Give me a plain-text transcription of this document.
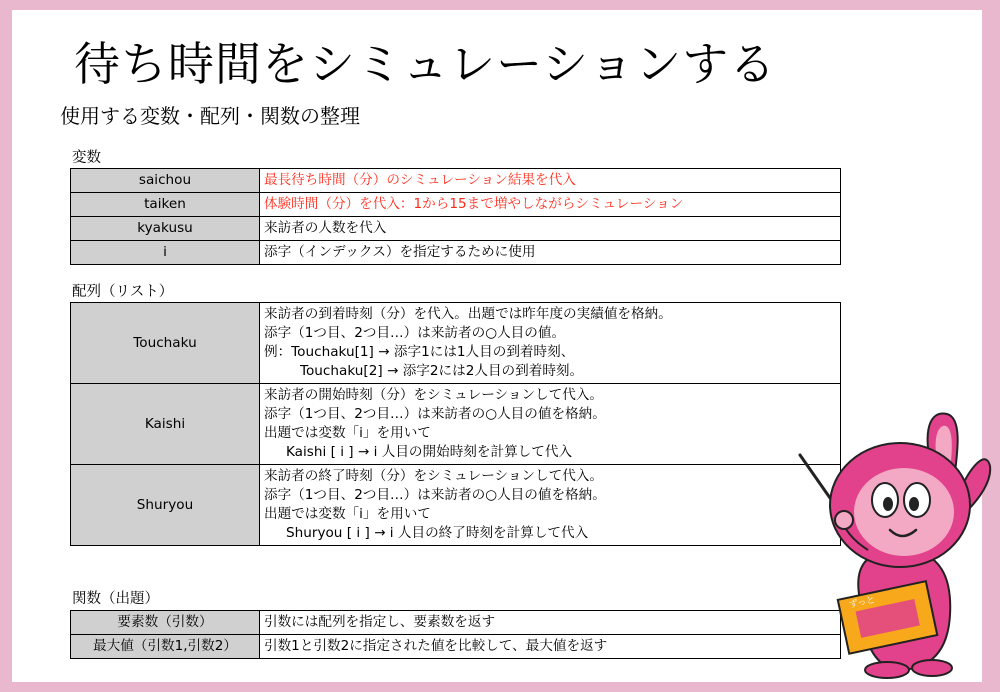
待ち時間をシミュレーションする
使用する変数・配列・関数の整理
変数
saichou	最長待ち時間（分）のシミュレーション結果を代入
taiken	体験時間（分）を代入：1から15まで増やしながらシミュレーション
kyakusu	来訪者の人数を代入
i	添字（インデックス）を指定するために使用
配列（リスト）
Touchaku	来訪者の到着時刻（分）を代入。出題では昨年度の実績値を格納。
添字（1つ目、2つ目…）は来訪者の○人目の値。
例：Touchaku[1] → 添字1には1人目の到着時刻、
Touchaku[2] → 添字2には2人目の到着時刻。

Kaishi	来訪者の開始時刻（分）をシミュレーションして代入。
添字（1つ目、2つ目…）は来訪者の○人目の値を格納。
出題では変数「i」を用いて
Kaishi [ i ] → i 人目の開始時刻を計算して代入

Shuryou	来訪者の終了時刻（分）をシミュレーションして代入。
添字（1つ目、2つ目…）は来訪者の○人目の値を格納。
出題では変数「i」を用いて
Shuryou [ i ] → i 人目の終了時刻を計算して代入
関数（出題）
要素数（引数）	引数には配列を指定し、要素数を返す
最大値（引数1,引数2）	引数1と引数2に指定された値を比較して、最大値を返す
ずっと
